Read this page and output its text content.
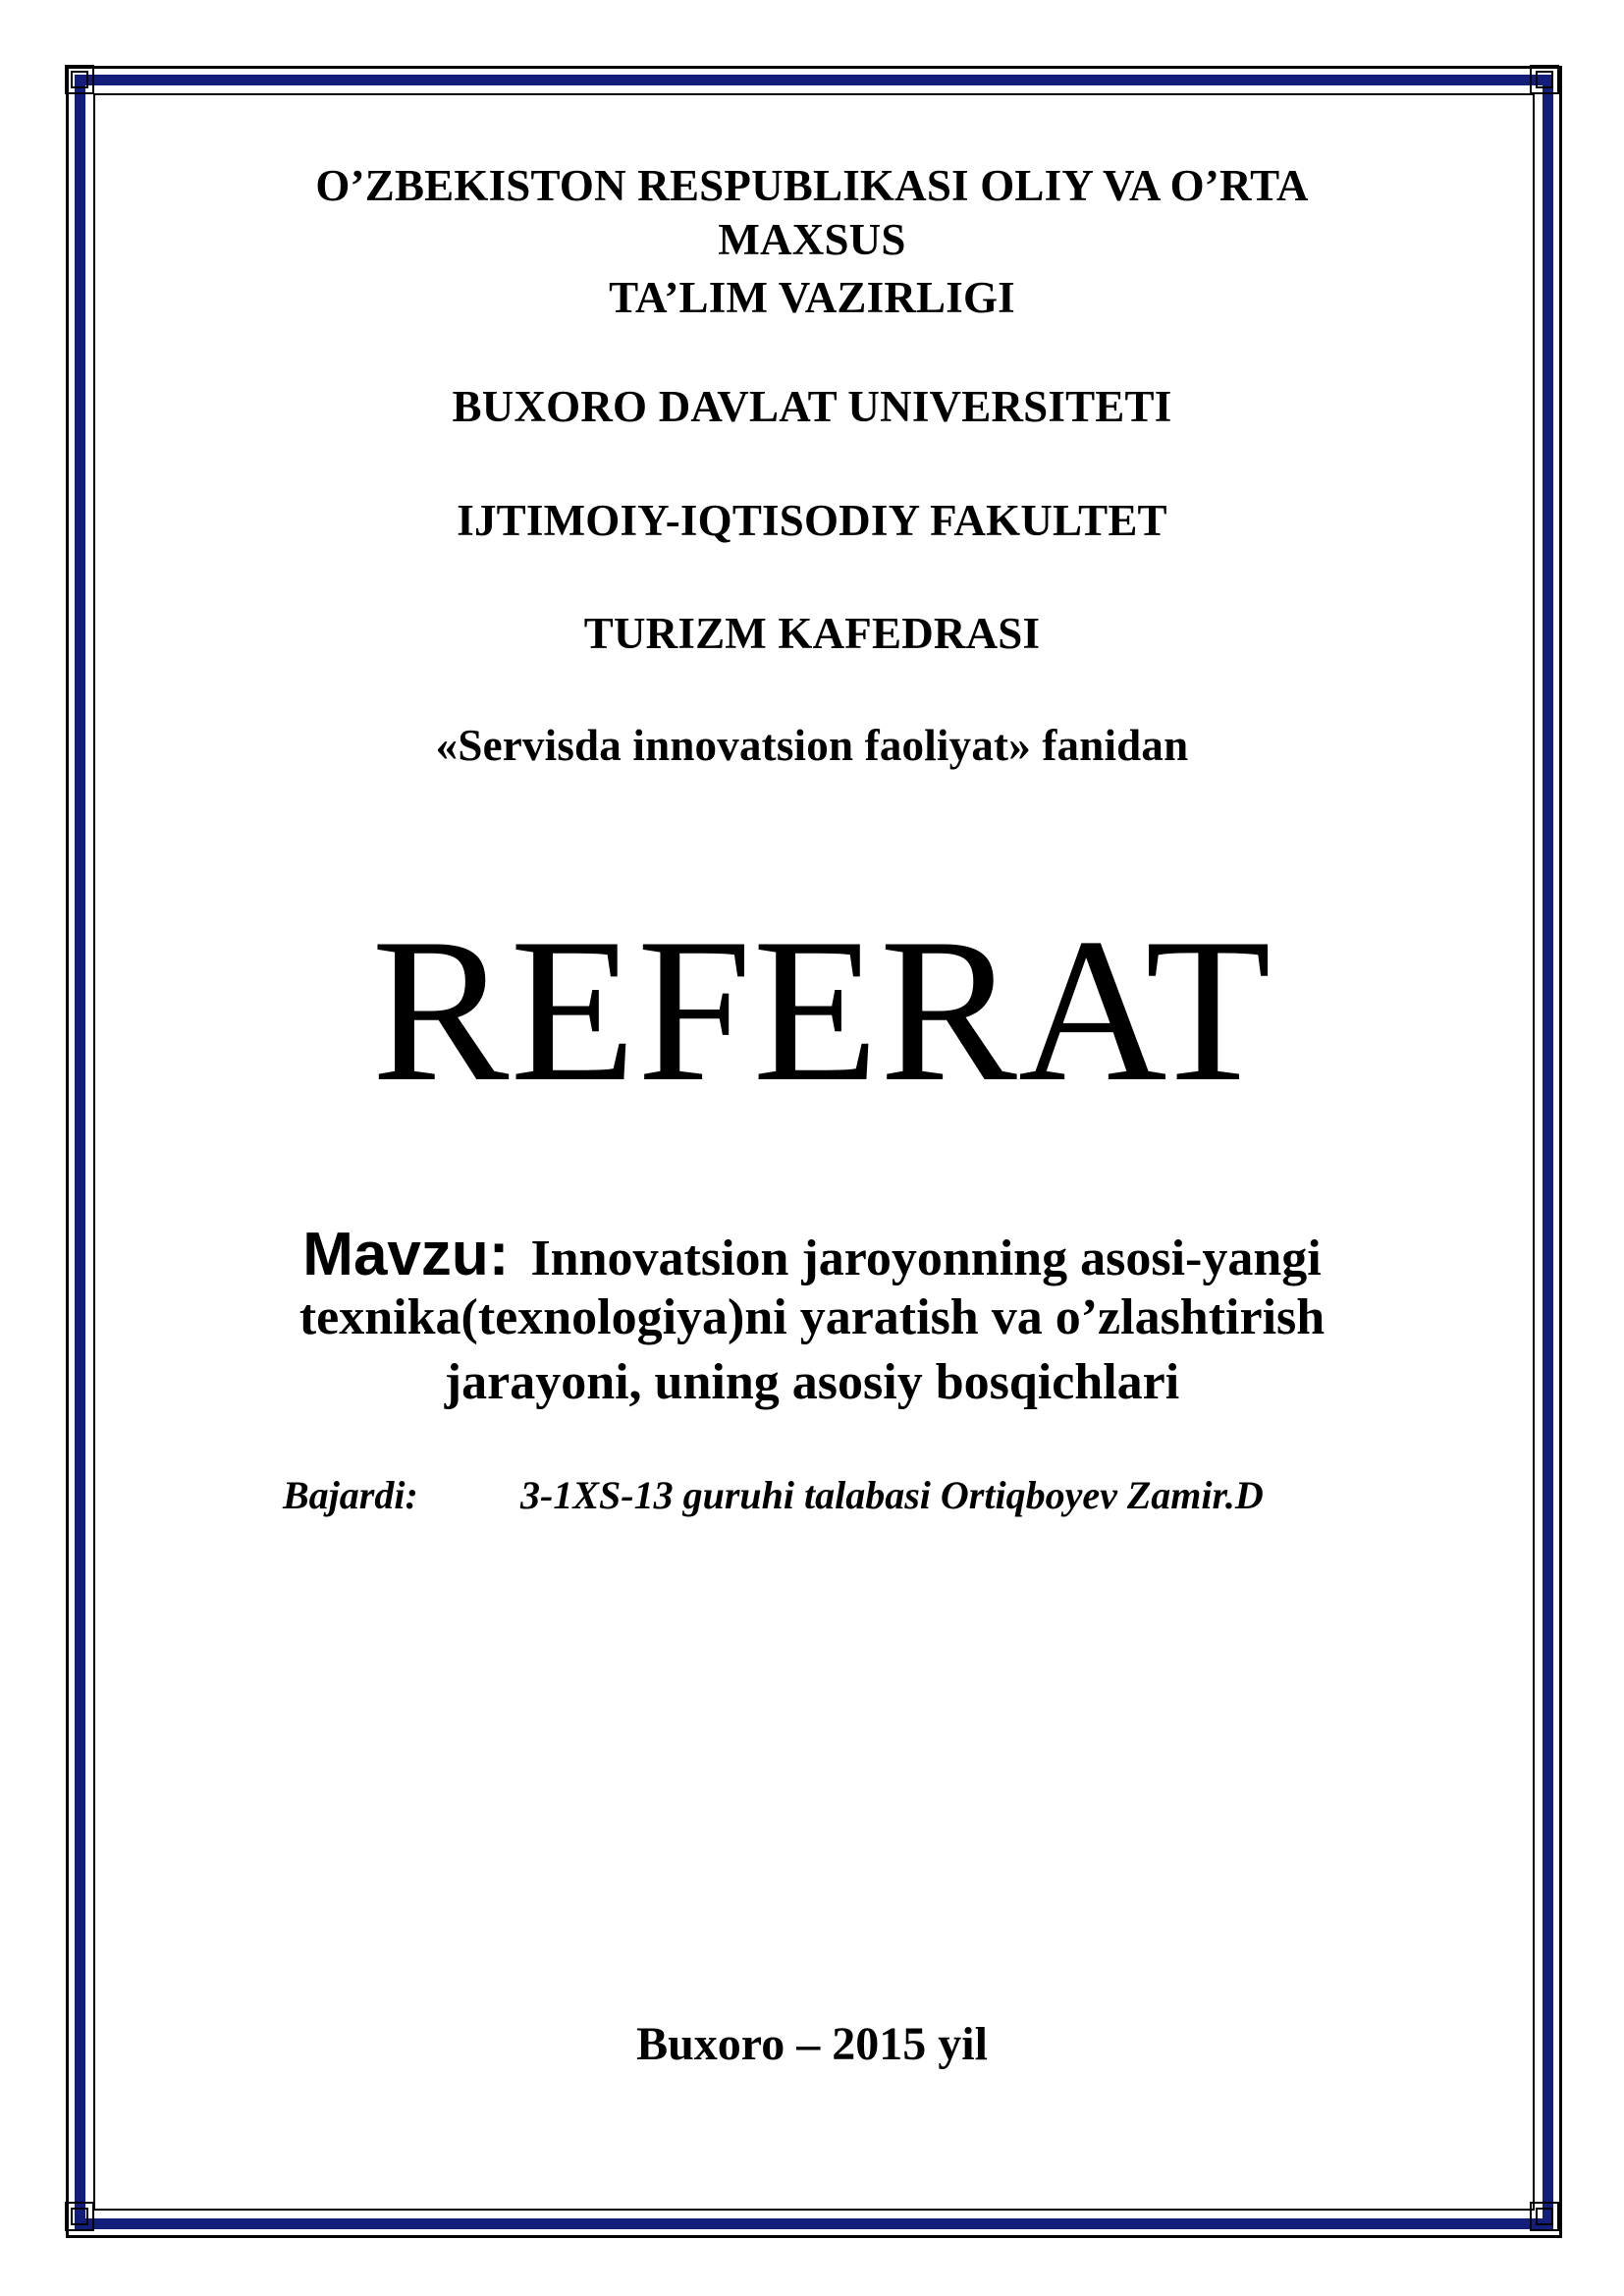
O’ZBEKISTON RESPUBLIKASI OLIY VA O’RTA
MAXSUS
TA’LIM VAZIRLIGI
BUXORO DAVLAT UNIVERSITETI
IJTIMOIY-IQTISODIY FAKULTET
TURIZM KAFEDRASI
«Servisda innovatsion faoliyat» fanidan
REFERAT
Mavzu: Innovatsion jaroyonning asosi-yangi
texnika(texnologiya)ni yaratish va o’zlashtirish
jarayoni, uning asosiy bosqichlari
Bajardi:	3-1XS-13 guruhi talabasi Ortiqboyev Zamir.D
Buxoro – 2015 yil
